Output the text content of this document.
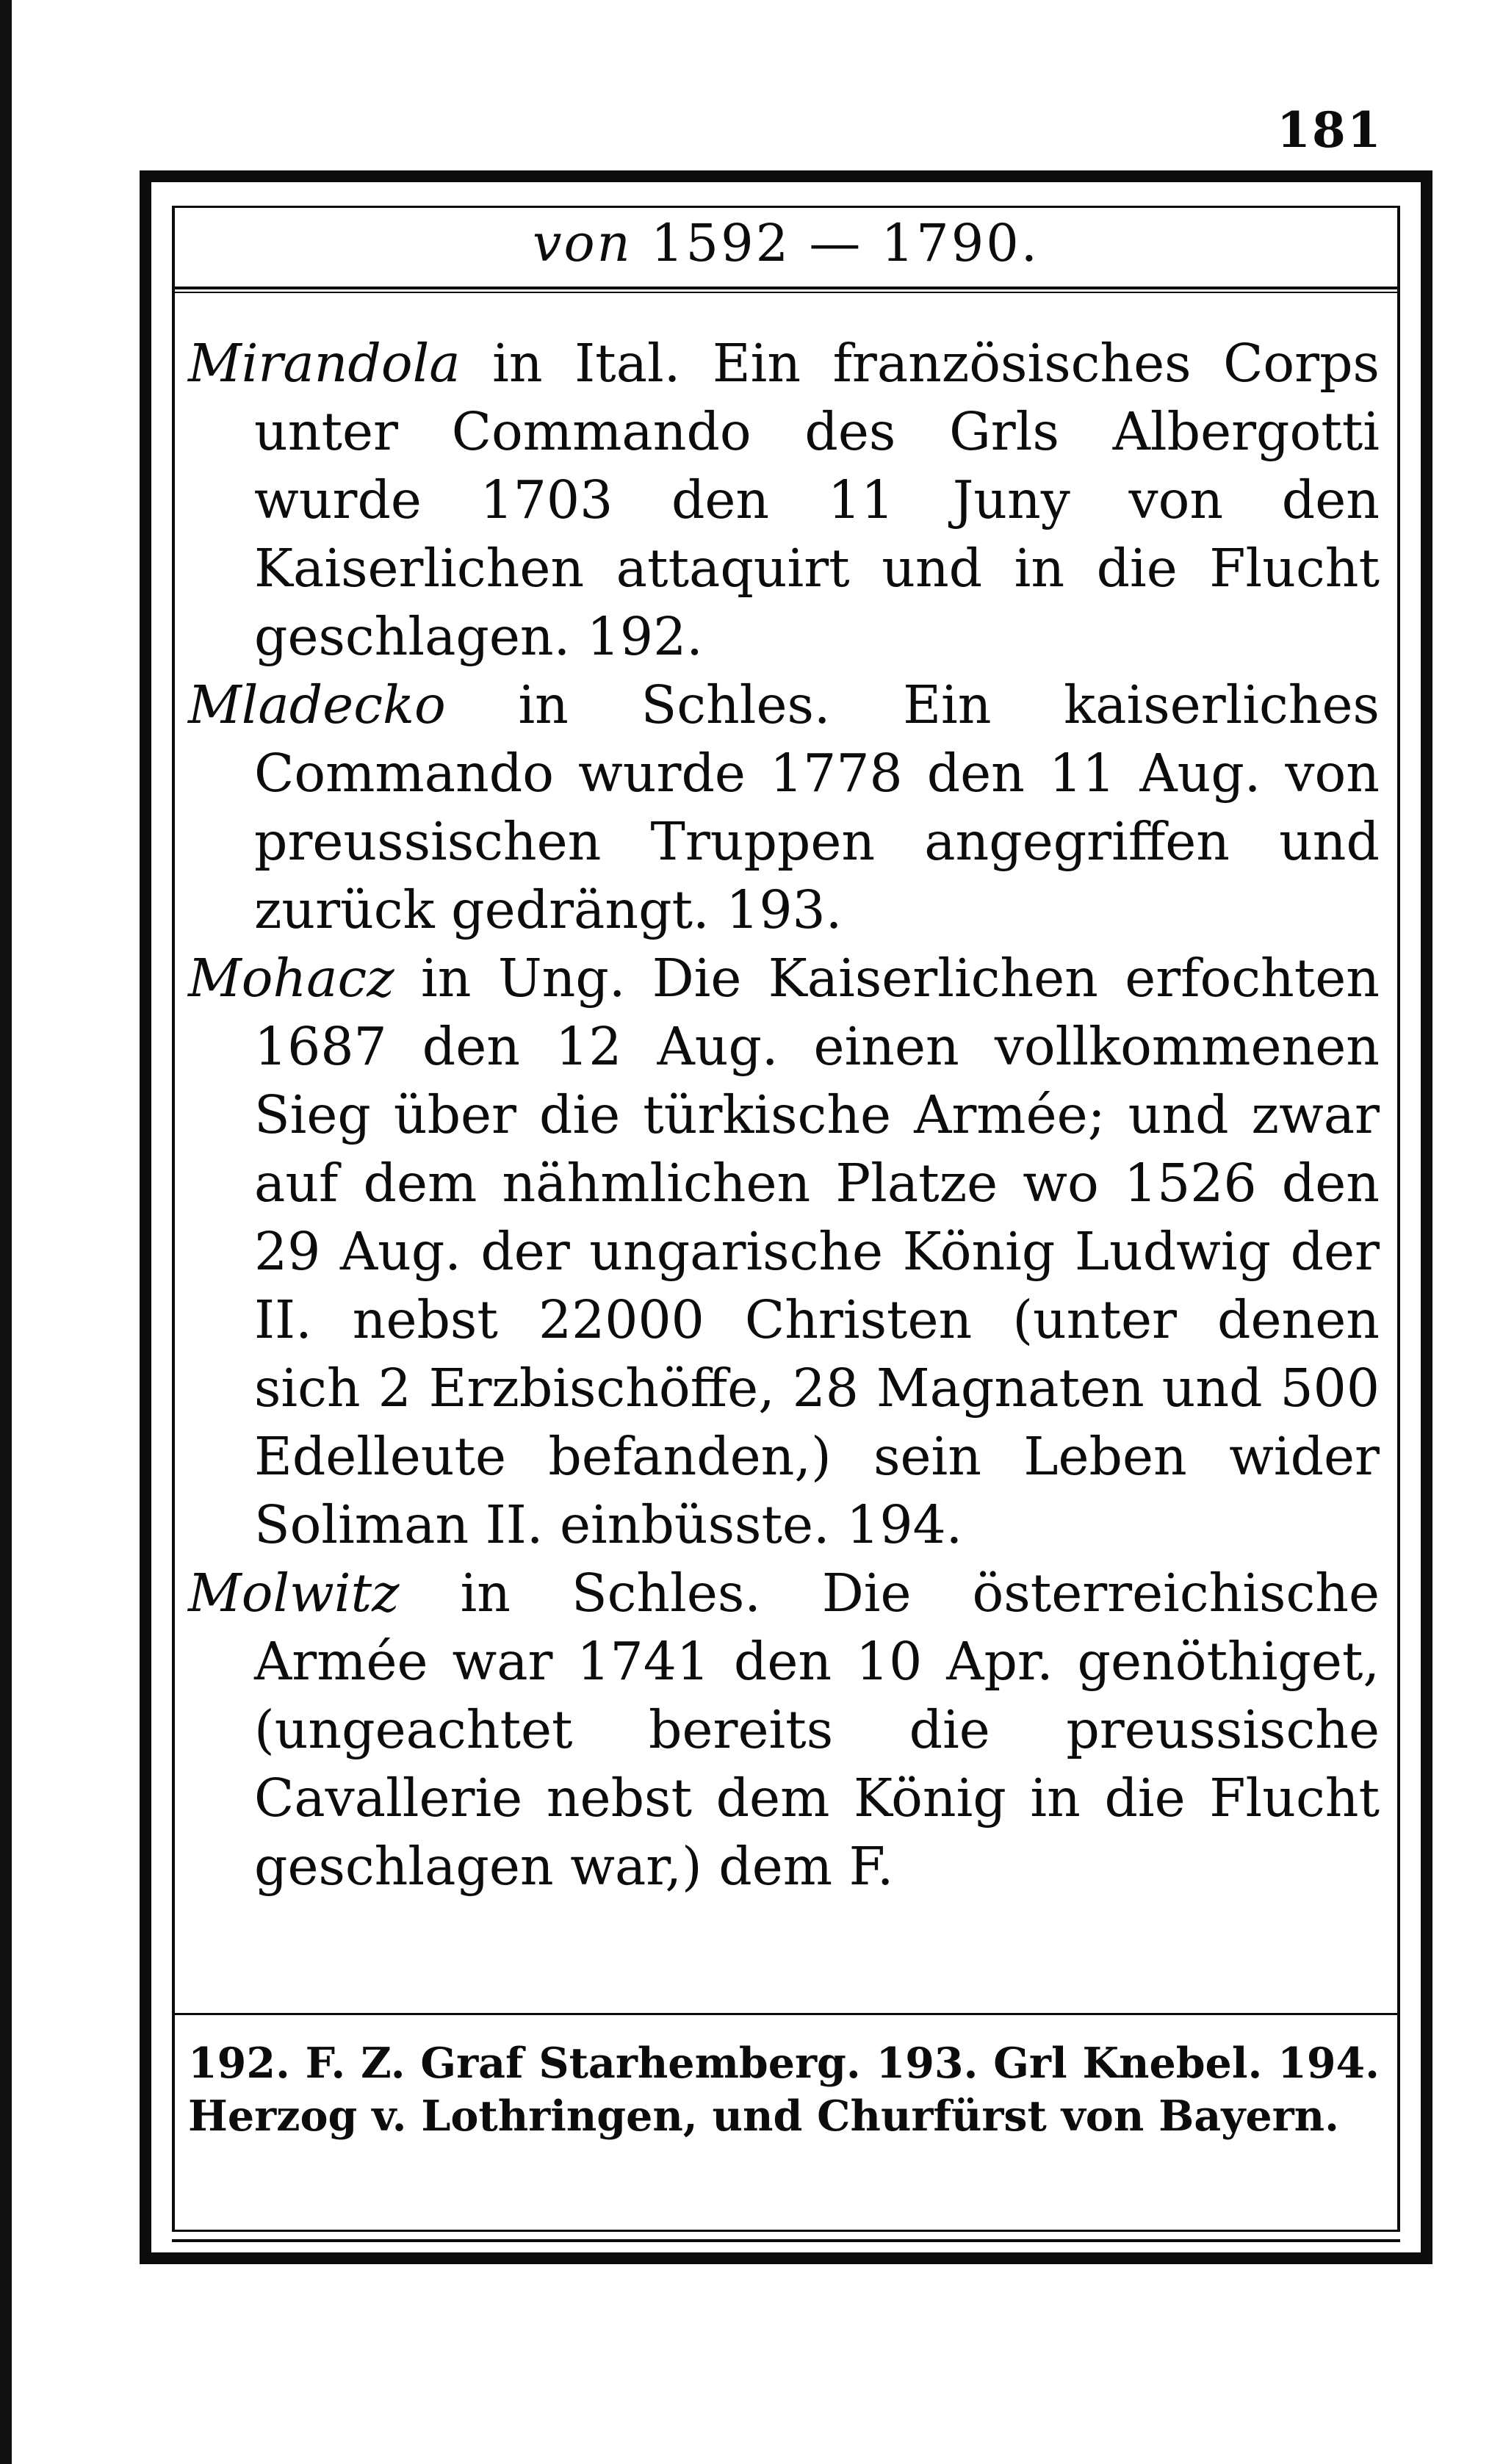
181
von 1592 — 1790.

Mirandola in Ital. Ein französisches Corps unter Commando des Grls Albergotti wurde 1703 den 11 Juny von den Kaiserlichen attaquirt und in die Flucht geschlagen. 192.

Mladecko in Schles. Ein kaiserliches Commando wurde 1778 den 11 Aug. von preussischen Truppen angegriffen und zurück gedrängt. 193.

Mohacz in Ung. Die Kaiserlichen erfochten 1687 den 12 Aug. einen vollkommenen Sieg über die türkische Armée; und zwar auf dem nähmlichen Platze wo 1526 den 29 Aug. der ungarische König Ludwig der II. nebst 22000 Christen (unter denen sich 2 Erzbischöffe, 28 Magnaten und 500 Edelleute befanden,) sein Leben wider Soliman II. einbüsste. 194.

Molwitz in Schles. Die österreichische Armée war 1741 den 10 Apr. genöthiget, (ungeachtet bereits die preussische Cavallerie nebst dem König in die Flucht geschlagen war,) dem F.

192. F. Z. Graf Starhemberg. 193. Grl Knebel. 194. Herzog v. Lothringen, und Churfürst von Bayern.
